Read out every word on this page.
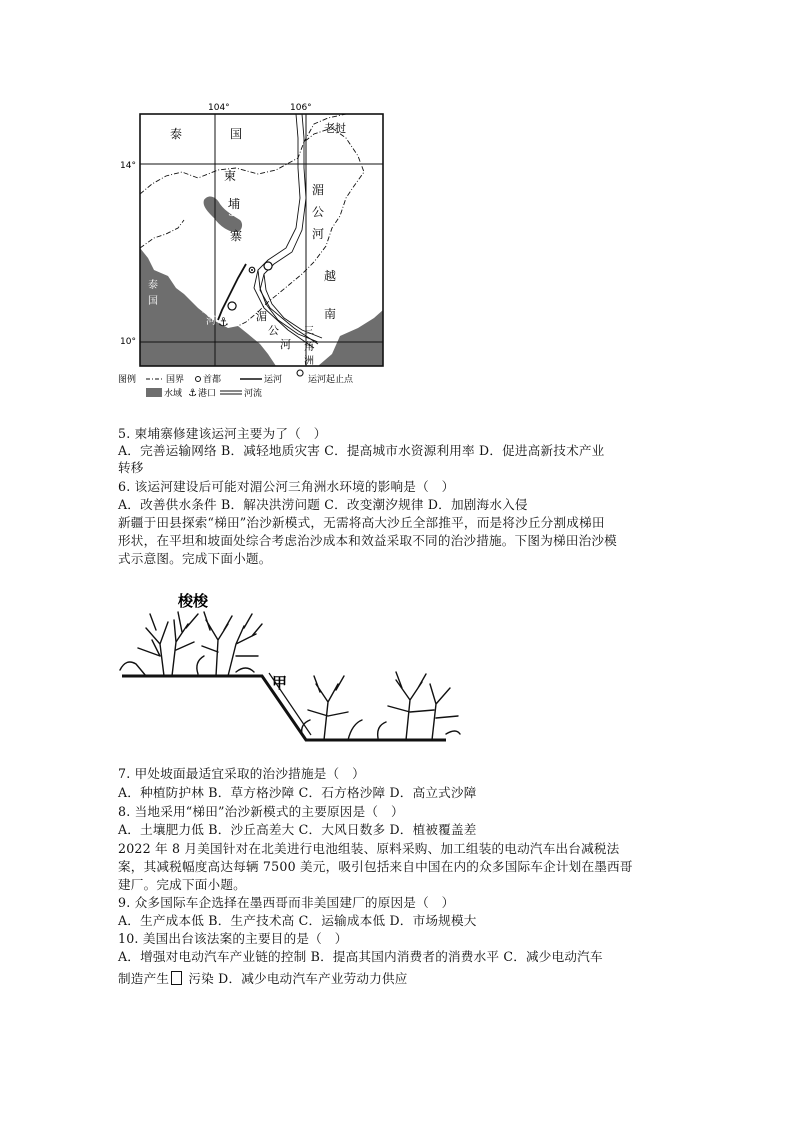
⚓
⚓
104°	106°
14°
10°
泰	国	老挝
柬
埔
寨
湄
公
河
越
南
泰
国
运
河	湄
公
河
三
角
洲
图例	国界 首都	运河	运河起止点
水域 ⚓ 港口	河流
5. 柬埔寨修建该运河主要为了（　）
A．完善运输网络 B．减轻地质灾害 C．提高城市水资源利用率 D．促进高新技术产业
转移
6. 该运河建设后可能对湄公河三角洲水环境的影响是（　）
A．改善供水条件 B．解决洪涝问题 C．改变潮汐规律 D．加剧海水入侵
新疆于田县探索“梯田”治沙新模式，无需将高大沙丘全部推平，而是将沙丘分割成梯田
形状，在平坦和坡面处综合考虑治沙成本和效益采取不同的治沙措施。下图为梯田治沙模
式示意图。完成下面小题。
梭梭
甲
7. 甲处坡面最适宜采取的治沙措施是（　）
A．种植防护林 B．草方格沙障 C．石方格沙障 D．高立式沙障
8. 当地采用“梯田”治沙新模式的主要原因是（　）
A．土壤肥力低 B．沙丘高差大 C．大风日数多 D．植被覆盖差
2022 年 8 月美国针对在北美进行电池组装、原料采购、加工组装的电动汽车出台减税法
案，其减税幅度高达每辆 7500 美元，吸引包括来自中国在内的众多国际车企计划在墨西哥
建厂。完成下面小题。
9. 众多国际车企选择在墨西哥而非美国建厂的原因是（　）
A．生产成本低 B．生产技术高 C．运输成本低 D．市场规模大
10. 美国出台该法案的主要目的是（　）
A．增强对电动汽车产业链的控制 B．提高其国内消费者的消费水平 C．减少电动汽车
制造产生 污染 D．减少电动汽车产业劳动力供应
